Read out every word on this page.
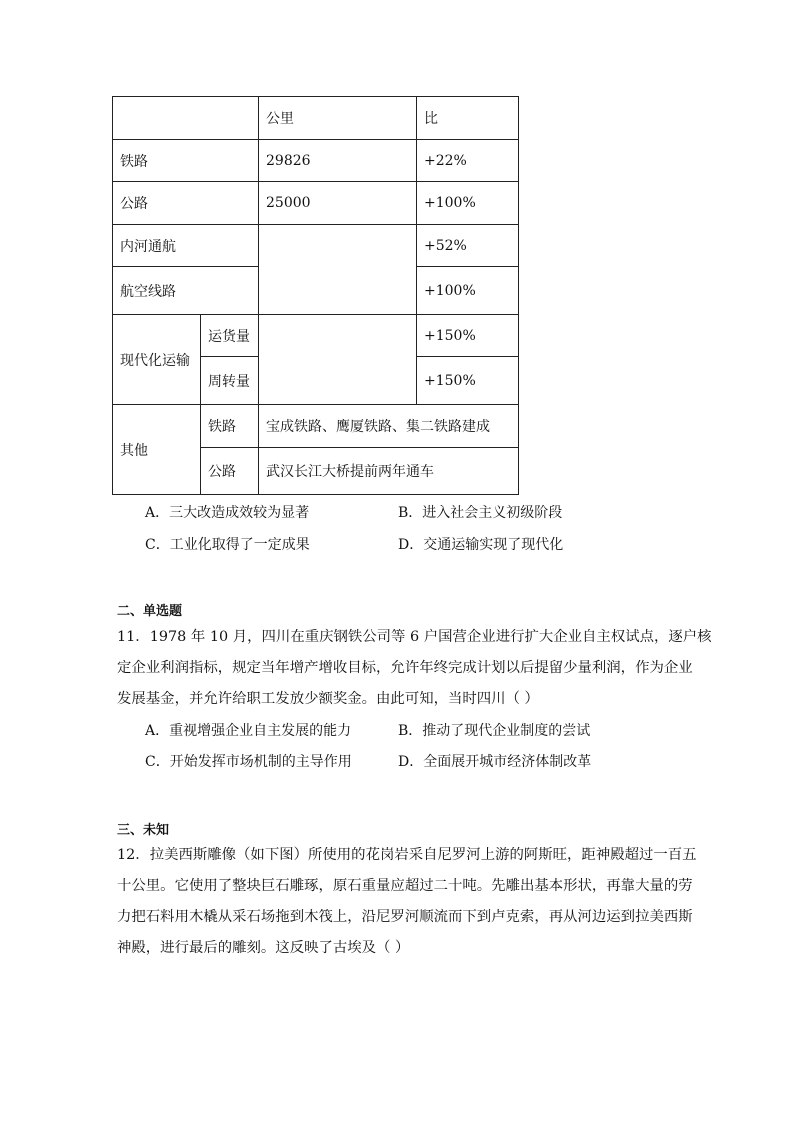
		公里	比
铁路		29826	+22%
公路		25000	+100%
内河通航			+52%
航空线路			+100%
现代化运输	运货量		+150%
	周转量		+150%
其他	铁路	宝成铁路、鹰厦铁路、集二铁路建成	
	公路	武汉长江大桥提前两年通车	
A．三大改造成效较为显著	B．进入社会主义初级阶段
C．工业化取得了一定成果	D．交通运输实现了现代化
二、单选题
11．1978 年 10 月，四川在重庆钢铁公司等 6 户国营企业进行扩大企业自主权试点，逐户核
定企业利润指标，规定当年增产增收目标，允许年终完成计划以后提留少量利润，作为企业
发展基金，并允许给职工发放少额奖金。由此可知，当时四川（ ）
A．重视增强企业自主发展的能力	B．推动了现代企业制度的尝试
C．开始发挥市场机制的主导作用	D．全面展开城市经济体制改革
三、未知
12．拉美西斯雕像（如下图）所使用的花岗岩采自尼罗河上游的阿斯旺，距神殿超过一百五
十公里。它使用了整块巨石雕琢，原石重量应超过二十吨。先雕出基本形状，再靠大量的劳
力把石料用木橇从采石场拖到木筏上，沿尼罗河顺流而下到卢克索，再从河边运到拉美西斯
神殿，进行最后的雕刻。这反映了古埃及（ ）
